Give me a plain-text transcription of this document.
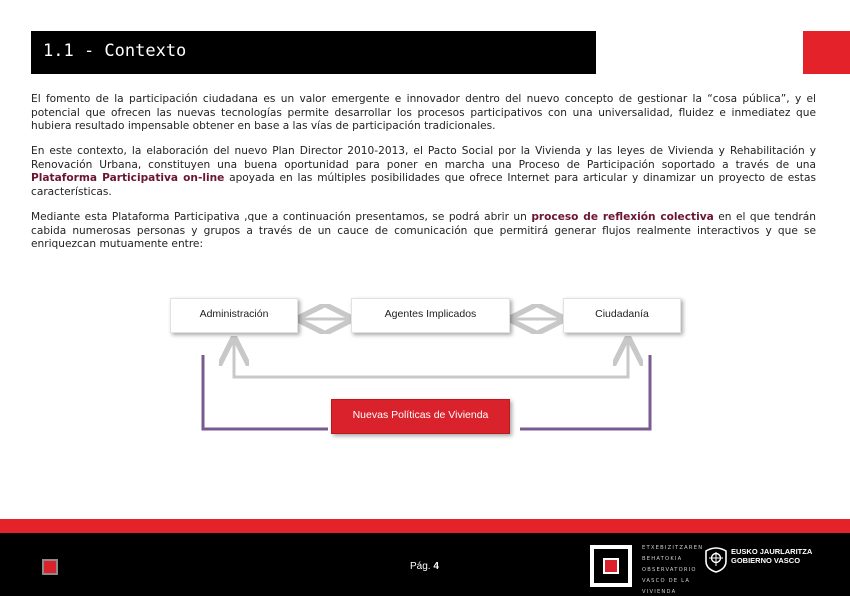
1.1 - Contexto

El fomento de la participación ciudadana es un valor emergente e innovador dentro del nuevo concepto de gestionar la “cosa pública”, y el potencial que ofrecen las nuevas tecnologías permite desarrollar los procesos participativos con una universalidad, fluidez e inmediatez que hubiera resultado impensable obtener en base a las vías de participación tradicionales.

En este contexto, la elaboración del nuevo Plan Director 2010-2013, el Pacto Social por la Vivienda y las leyes de Vivienda y Rehabilitación y Renovación Urbana, constituyen una buena oportunidad para poner en marcha una Proceso de Participación soportado a través de una Plataforma Participativa on-line apoyada en las múltiples posibilidades que ofrece Internet para articular y dinamizar un proyecto de estas características.

Mediante esta Plataforma Participativa ,que a continuación presentamos, se podrá abrir un proceso de reflexión colectiva en el que tendrán cabida numerosas personas y grupos a través de un cauce de comunicación que permitirá generar flujos realmente interactivos y que se enriquezcan mutuamente entre:

Administración	Agentes Implicados	Ciudadanía
Nuevas Políticas de Vivienda
Pág. 4
ETXEBIZITZAREN
BEHATOKIA
OBSERVATORIO
VASCO DE LA
VIVIENDA
EUSKO JAURLARITZA
GOBIERNO VASCO
